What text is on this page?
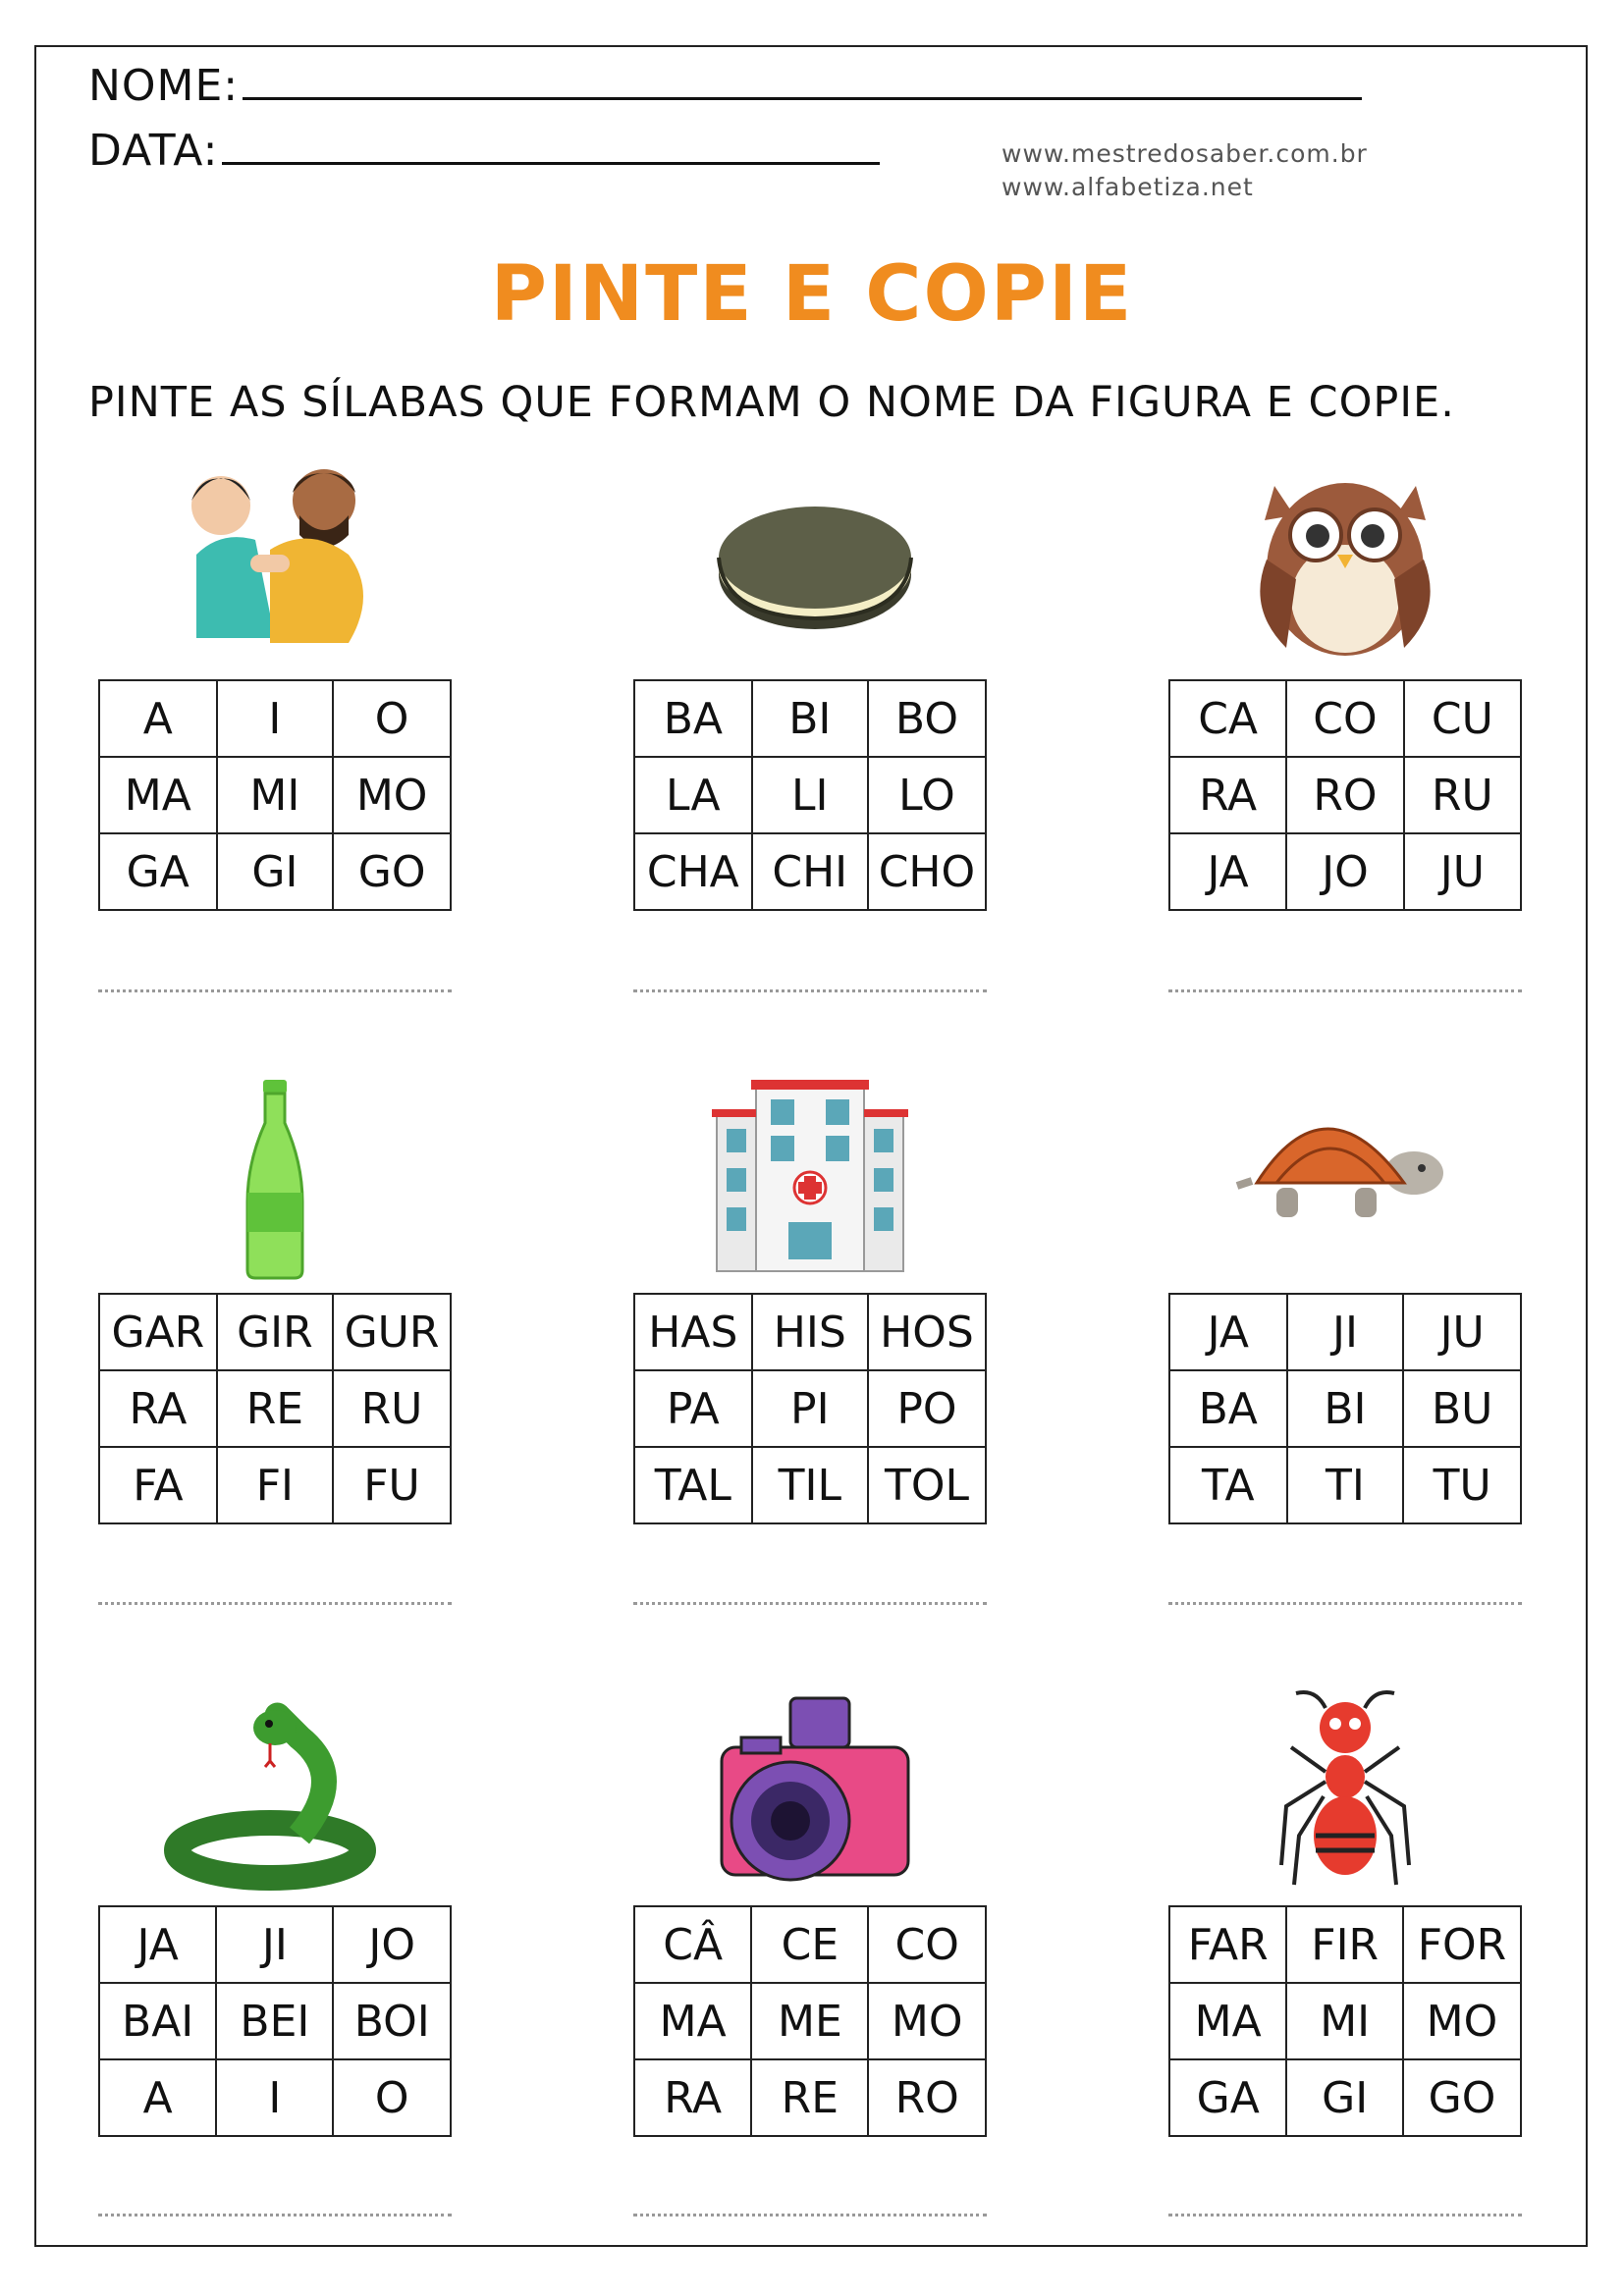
NOME:
DATA:	www.mestredosaber.com.br
www.alfabetiza.net
PINTE E COPIE
PINTE AS SÍLABAS QUE FORMAM O NOME DA FIGURA E COPIE.
A	I	O
MA	MI	MO
GA	GI	GO
BA	BI	BO
LA	LI	LO
CHA	CHI	CHO
CA	CO	CU
RA	RO	RU
JA	JO	JU
GAR	GIR	GUR
RA	RE	RU
FA	FI	FU
HAS	HIS	HOS
PA	PI	PO
TAL	TIL	TOL
JA	JI	JU
BA	BI	BU
TA	TI	TU
JA	JI	JO
BAI	BEI	BOI
A	I	O
CÂ	CE	CO
MA	ME	MO
RA	RE	RO
FAR	FIR	FOR
MA	MI	MO
GA	GI	GO
